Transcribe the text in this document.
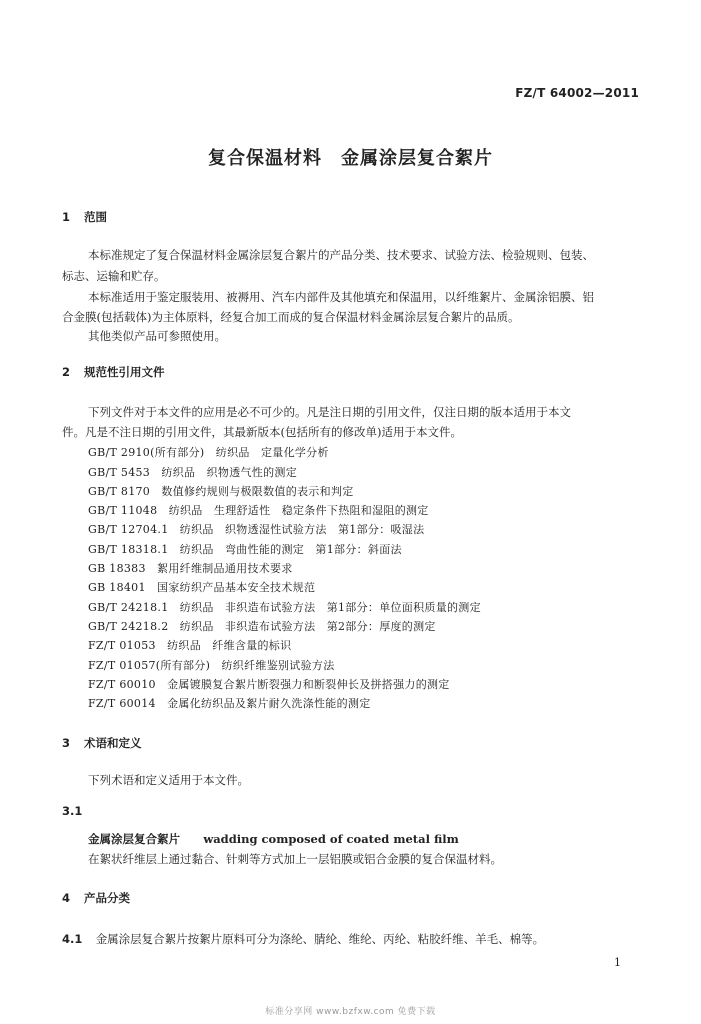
FZ/T 64002—2011
复合保温材料　金属涂层复合絮片
1 范围
本标准规定了复合保温材料金属涂层复合絮片的产品分类、技术要求、试验方法、检验规则、包装、
标志、运输和贮存。
本标准适用于鉴定服装用、被褥用、汽车内部件及其他填充和保温用，以纤维絮片、金属涂铝膜、铝
合金膜(包括载体)为主体原料，经复合加工而成的复合保温材料金属涂层复合絮片的品质。
其他类似产品可参照使用。
2 规范性引用文件
下列文件对于本文件的应用是必不可少的。凡是注日期的引用文件，仅注日期的版本适用于本文
件。凡是不注日期的引用文件，其最新版本(包括所有的修改单)适用于本文件。
GB/T 2910(所有部分)　纺织品　定量化学分析
GB/T 5453　纺织品　织物透气性的测定
GB/T 8170　数值修约规则与极限数值的表示和判定
GB/T 11048　纺织品　生理舒适性　稳定条件下热阻和湿阻的测定
GB/T 12704.1　纺织品　织物透湿性试验方法　第1部分：吸湿法
GB/T 18318.1　纺织品　弯曲性能的测定　第1部分：斜面法
GB 18383　絮用纤维制品通用技术要求
GB 18401　国家纺织产品基本安全技术规范
GB/T 24218.1　纺织品　非织造布试验方法　第1部分：单位面积质量的测定
GB/T 24218.2　纺织品　非织造布试验方法　第2部分：厚度的测定
FZ/T 01053　纺织品　纤维含量的标识
FZ/T 01057(所有部分)　纺织纤维鉴别试验方法
FZ/T 60010　金属镀膜复合絮片断裂强力和断裂伸长及拼搭强力的测定
FZ/T 60014　金属化纺织品及絮片耐久洗涤性能的测定
3 术语和定义
下列术语和定义适用于本文件。
3.1
金属涂层复合絮片 wadding composed of coated metal film
在絮状纤维层上通过黏合、针刺等方式加上一层铝膜或铝合金膜的复合保温材料。
4 产品分类
4.1 金属涂层复合絮片按絮片原料可分为涤纶、腈纶、维纶、丙纶、粘胶纤维、羊毛、棉等。
1
标准分享网 www.bzfxw.com 免费下载
